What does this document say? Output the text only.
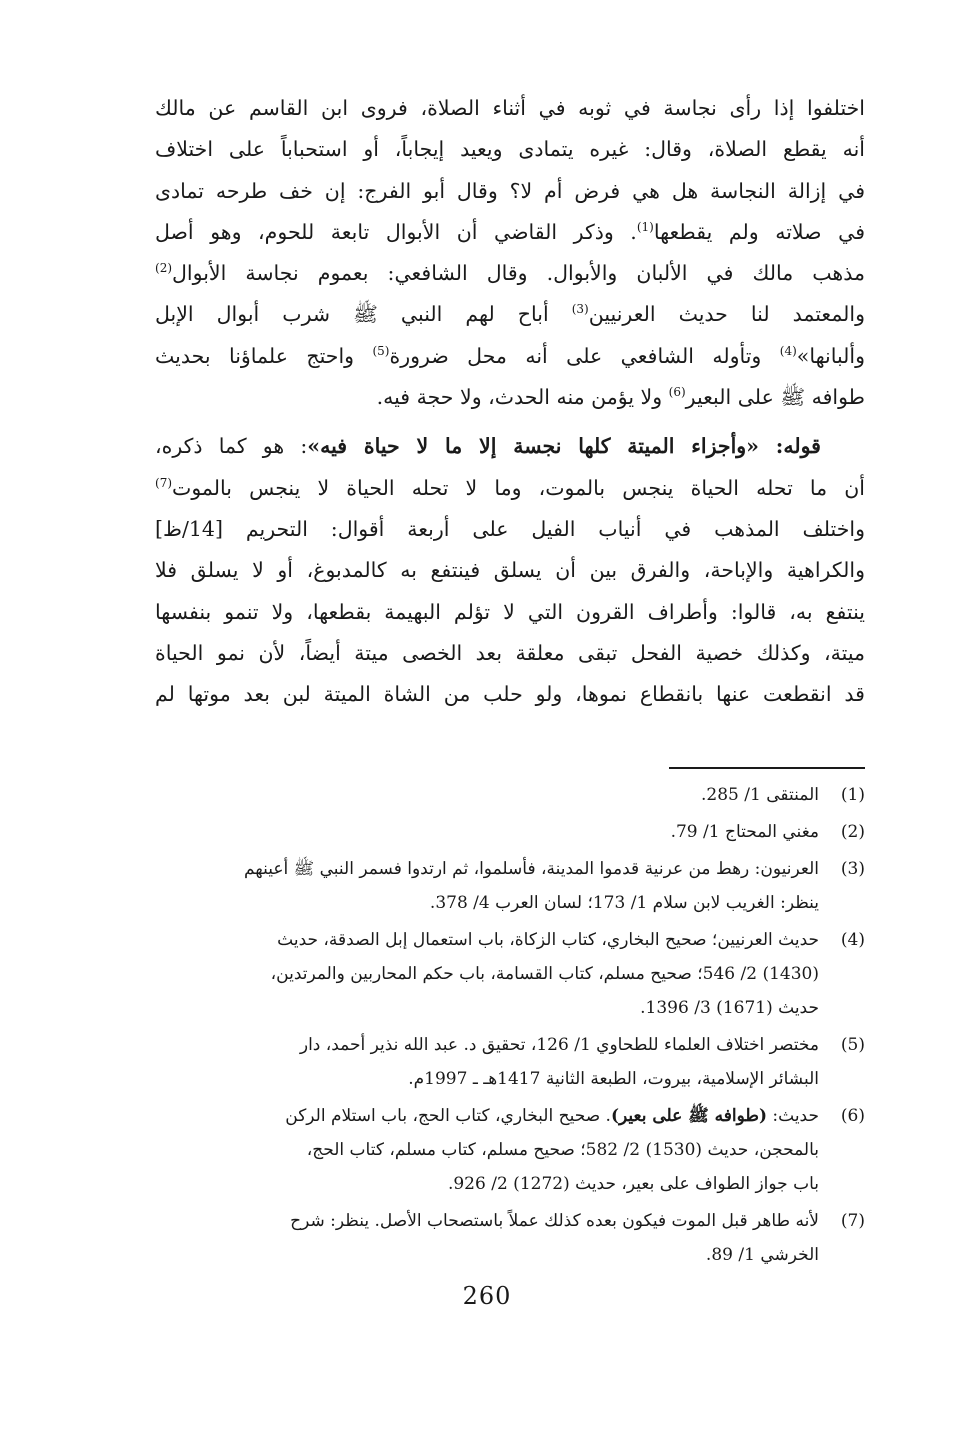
اختلفوا إذا رأى نجاسة في ثوبه في أثناء الصلاة، فروى ابن القاسم عن مالك
أنه يقطع الصلاة، وقال: غيره يتمادى ويعيد إيجاباً، أو استحباباً على اختلاف
في إزالة النجاسة هل هي فرض أم لا؟ وقال أبو الفرج: إن خف طرحه تمادى
في صلاته ولم يقطعها$^{(1)}$. وذكر القاضي أن الأبوال تابعة للحوم، وهو أصل
مذهب مالك في الألبان والأبوال. وقال الشافعي: بعموم نجاسة الأبوال$^{(2)}$
والمعتمد لنا حديث العرنيين$^{(3)}$ أباح لهم النبي ﷺ شرب أبوال الإبل
وألبانها»$^{(4)}$ وتأوله الشافعي على أنه محل ضرورة$^{(5)}$ واحتج علماؤنا بحديث
طوافه ﷺ على البعير$^{(6)}$ ولا يؤمن منه الحدث، ولا حجة فيه.
قوله: «وأجزاء الميتة كلها نجسة إلا ما لا حياة فيه»: هو كما ذكره،
أن ما تحله الحياة ينجس بالموت، وما لا تحله الحياة لا ينجس بالموت$^{(7)}$
واختلف المذهب في أنياب الفيل على أربعة أقوال: التحريم [14/ظ]
والكراهية والإباحة، والفرق بين أن يسلق فينتفع به كالمدبوغ، أو لا يسلق فلا
ينتفع به، قالوا: وأطراف القرون التي لا تؤلم البهيمة بقطعها، ولا تنمو بنفسها
ميتة، وكذلك خصية الفحل تبقى معلقة بعد الخصى ميتة أيضاً، لأن نمو الحياة
قد انقطعت عنها بانقطاع نموها، ولو حلب من الشاة الميتة لبن بعد موتها لم
(1)
المنتقى 1/ 285.
(2)
مغني المحتاج 1/ 79.
(3)
العرنيون: رهط من عرنية قدموا المدينة، فأسلموا، ثم ارتدوا فسمر النبي ﷺ أعينهم
ينظر: الغريب لابن سلام 1/ 173؛ لسان العرب 4/ 378.
(4)
حديث العرنيين؛ صحيح البخاري، كتاب الزكاة، باب استعمال إبل الصدقة، حديث
(1430) 2/ 546؛ صحيح مسلم، كتاب القسامة، باب حكم المحاربين والمرتدين،
حديث (1671) 3/ 1396.
(5)
مختصر اختلاف العلماء للطحاوي 1/ 126، تحقيق د. عبد الله نذير أحمد، دار
البشائر الإسلامية، بيروت، الطبعة الثانية 1417هـ ـ 1997م.
(6)
حديث: (طوافه ﷺ على بعير). صحيح البخاري، كتاب الحج، باب استلام الركن
بالمحجن، حديث (1530) 2/ 582؛ صحيح مسلم، كتاب مسلم، كتاب الحج،
باب جواز الطواف على بعير، حديث (1272) 2/ 926.
(7)
لأنه طاهر قبل الموت فيكون بعده كذلك عملاً باستصحاب الأصل. ينظر: شرح
الخرشي 1/ 89.
260
